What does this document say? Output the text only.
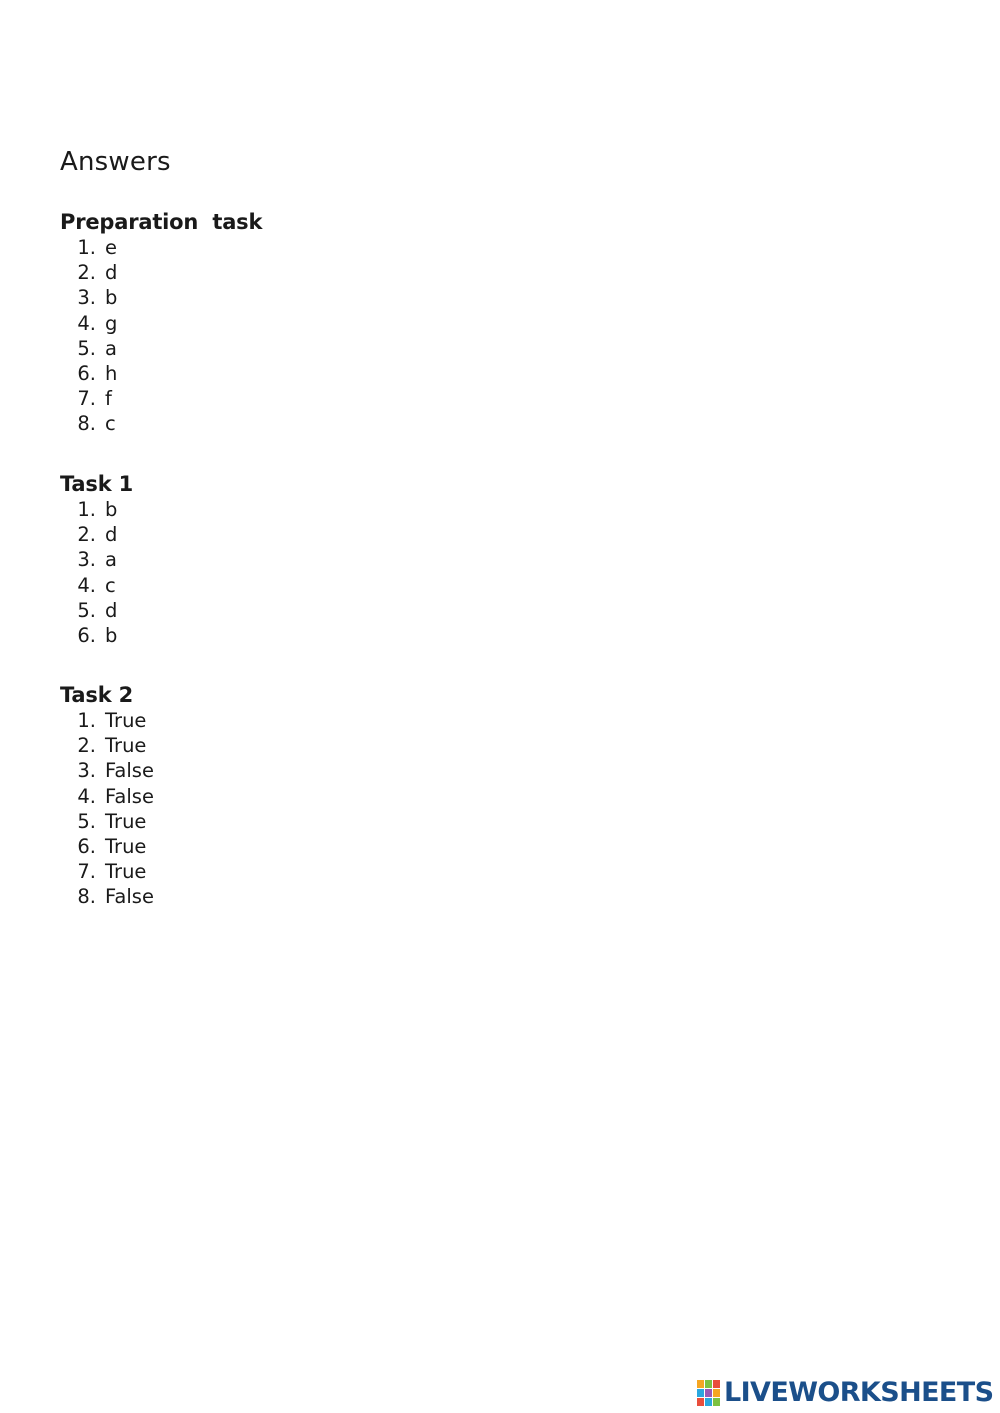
Answers
Preparation  task
1. e
2. d
3. b
4. g
5. a
6. h
7. f
8. c
Task 1
1. b
2. d
3. a
4. c
5. d
6. b
Task 2
1. True
2. True
3. False
4. False
5. True
6. True
7. True
8. False
LIVEWORKSHEETS
